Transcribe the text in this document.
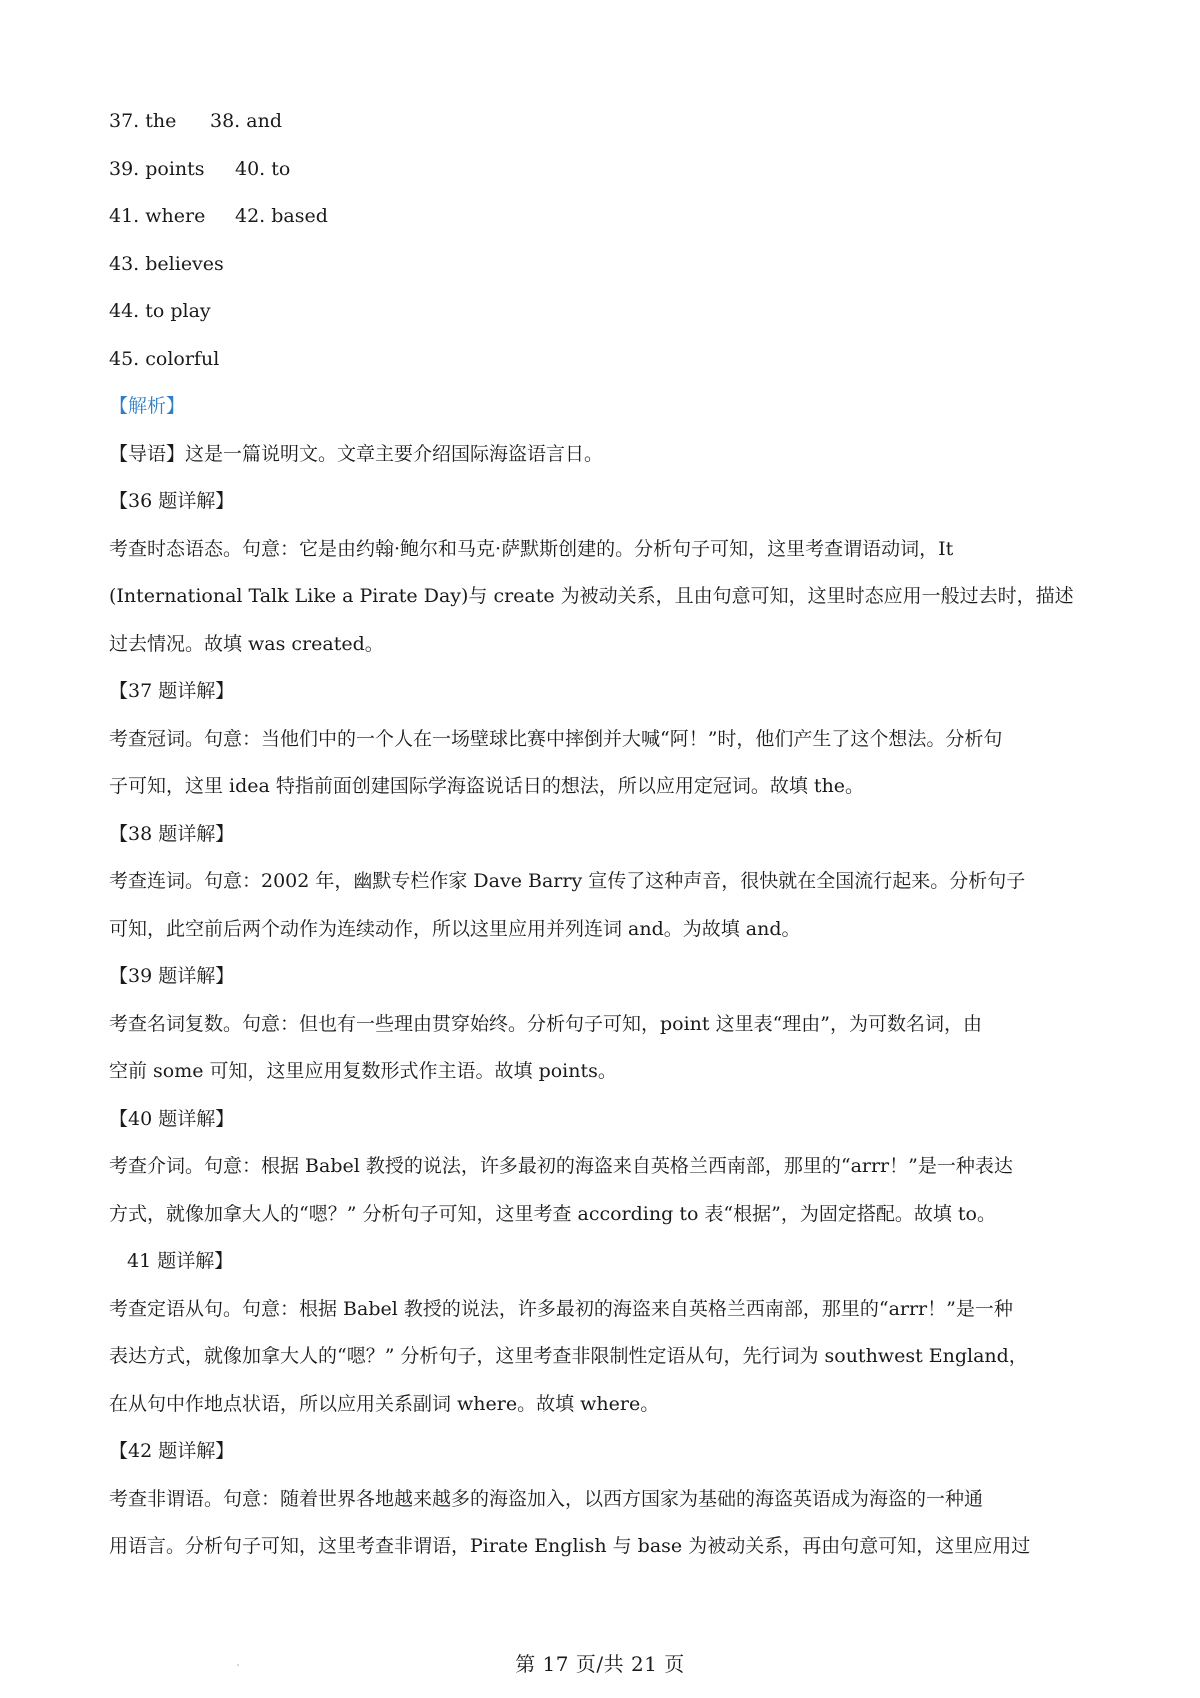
37. the 38. and
39. points 40. to
41. where 42. based
43. believes
44. to play
45. colorful
【解析】
【导语】这是一篇说明文。文章主要介绍国际海盗语言日。
【36 题详解】
考查时态语态。句意：它是由约翰·鲍尔和马克·萨默斯创建的。分析句子可知，这里考查谓语动词，It
(International Talk Like a Pirate Day)与 create 为被动关系，且由句意可知，这里时态应用一般过去时，描述
过去情况。故填 was created。
【37 题详解】
考查冠词。句意：当他们中的一个人在一场壁球比赛中摔倒并大喊“阿！”时，他们产生了这个想法。分析句
子可知，这里 idea 特指前面创建国际学海盗说话日的想法，所以应用定冠词。故填 the。
【38 题详解】
考查连词。句意：2002 年，幽默专栏作家 Dave Barry 宣传了这种声音，很快就在全国流行起来。分析句子
可知，此空前后两个动作为连续动作，所以这里应用并列连词 and。为故填 and。
【39 题详解】
考查名词复数。句意：但也有一些理由贯穿始终。分析句子可知，point 这里表“理由”，为可数名词，由
空前 some 可知，这里应用复数形式作主语。故填 points。
【40 题详解】
考查介词。句意：根据 Babel 教授的说法，许多最初的海盗来自英格兰西南部，那里的“arrr！”是一种表达
方式，就像加拿大人的“嗯？” 分析句子可知，这里考查 according to 表“根据”，为固定搭配。故填 to。
41 题详解】
考查定语从句。句意：根据 Babel 教授的说法，许多最初的海盗来自英格兰西南部，那里的“arrr！”是一种
表达方式，就像加拿大人的“嗯？” 分析句子，这里考查非限制性定语从句，先行词为 southwest England，
在从句中作地点状语，所以应用关系副词 where。故填 where。
【42 题详解】
考查非谓语。句意：随着世界各地越来越多的海盗加入，以西方国家为基础的海盗英语成为海盗的一种通
用语言。分析句子可知，这里考查非谓语，Pirate English 与 base 为被动关系，再由句意可知，这里应用过
第 17 页/共 21 页
